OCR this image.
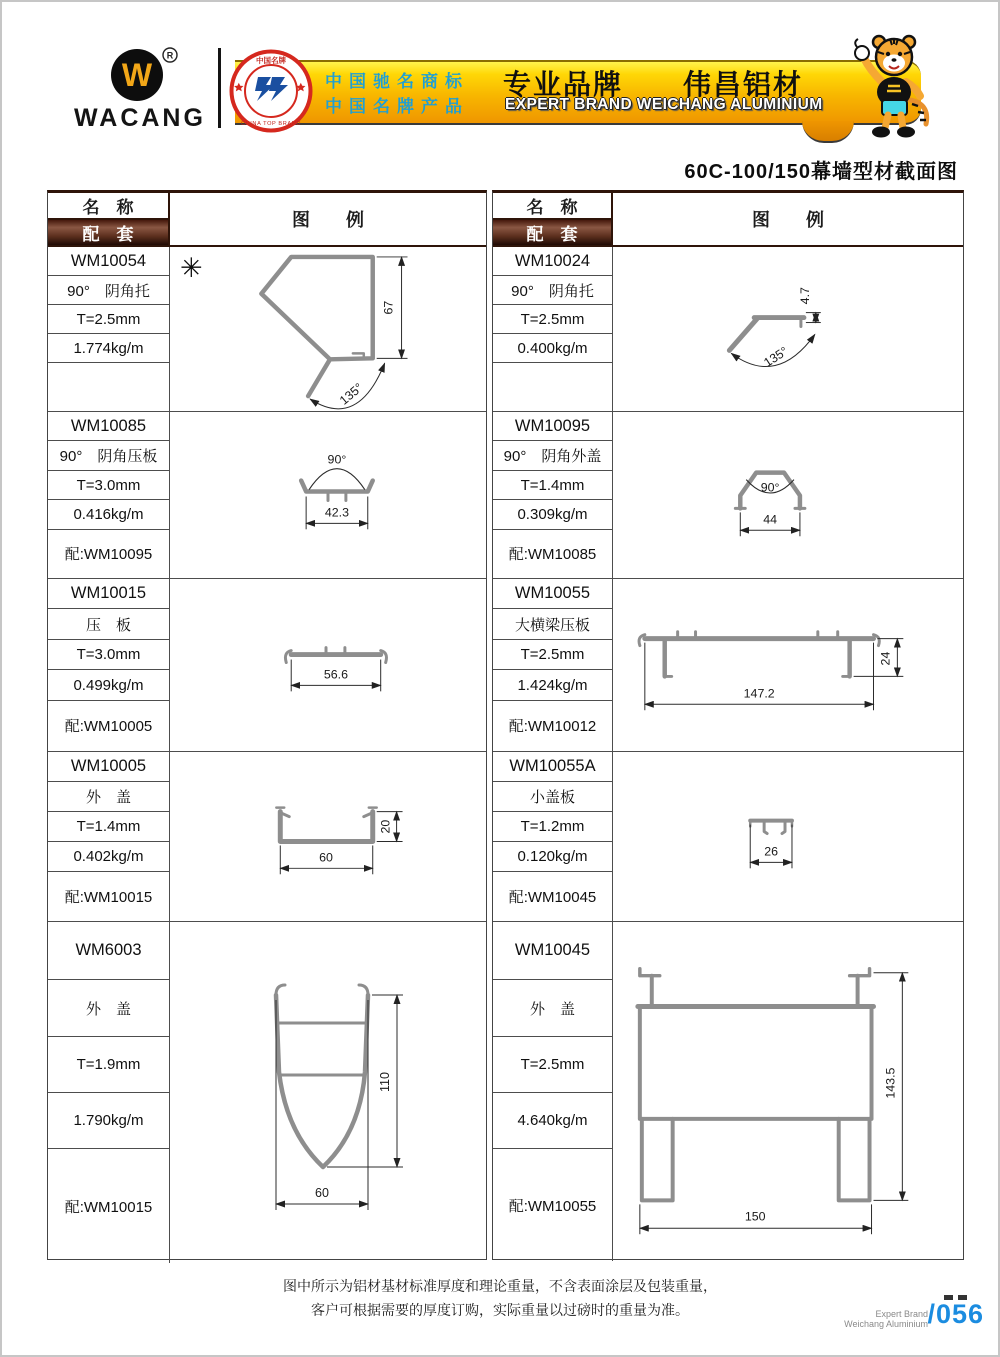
W
R
WACANG
中国驰名商标
中国名牌产品
专业品牌　　伟昌铝材
EXPERT BRAND WEICHANG ALUMINIUM
中国名牌
CHINA TOP BRAND
60C-100/150幕墙型材截面图
名　称
配　套
图　　例
WM10054
90°　阴角托
T=2.5mm
1.774kg/m
✳
67
135°
WM10085
90°　阴角压板
T=3.0mm
0.416kg/m
配:WM10095
90°
42.3
WM10015
压　板
T=3.0mm
0.499kg/m
配:WM10005
56.6
WM10005
外　盖
T=1.4mm
0.402kg/m
配:WM10015
20
60
WM6003
外　盖
T=1.9mm
1.790kg/m
配:WM10015
110
60
名　称
配　套
图　　例
WM10024
90°　阴角托
T=2.5mm
0.400kg/m
4.7
135°
WM10095
90°　阴角外盖
T=1.4mm
0.309kg/m
配:WM10085
90°
44
WM10055
大横梁压板
T=2.5mm
1.424kg/m
配:WM10012
24
147.2
WM10055A
小盖板
T=1.2mm
0.120kg/m
配:WM10045
26
WM10045
外　盖
T=2.5mm
4.640kg/m
配:WM10055
143.5
150
图中所示为铝材基材标准厚度和理论重量，不含表面涂层及包装重量，
客户可根据需要的厚度订购，实际重量以过磅时的重量为准。	Expert Brand
Weichang Aluminium /056
